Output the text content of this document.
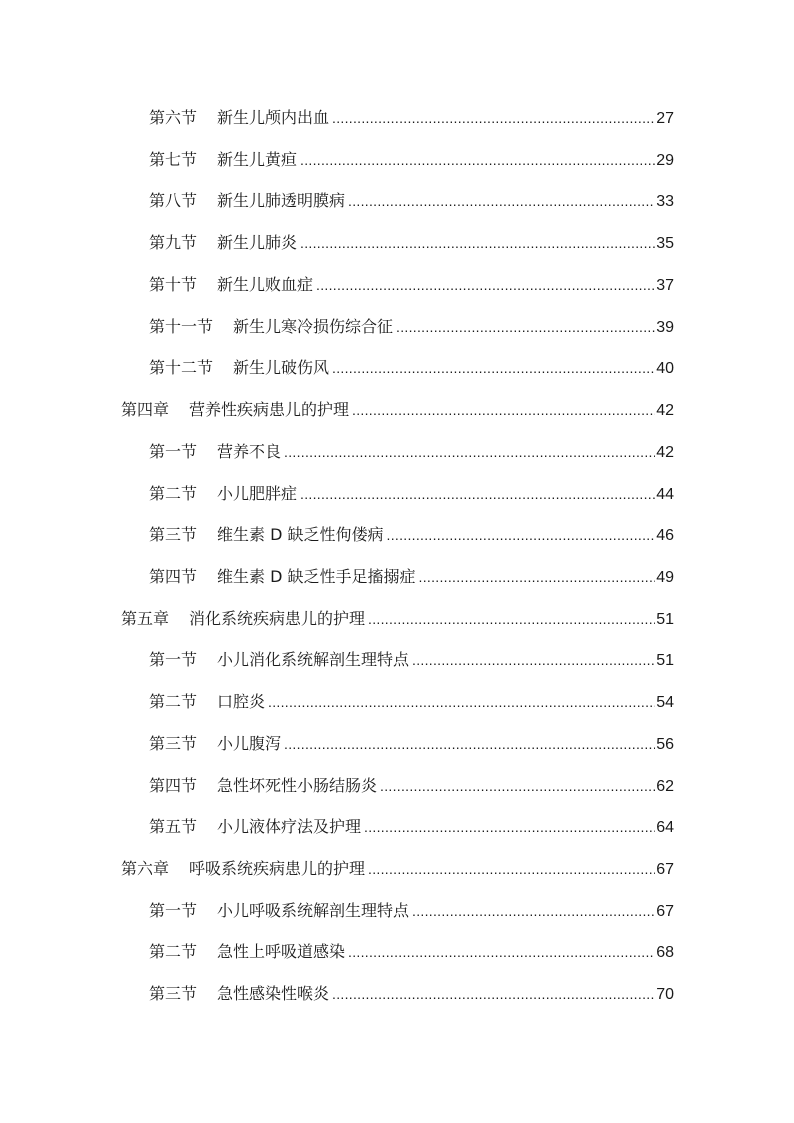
第六节 新生儿颅内出血 .....	27
第七节 新生儿黄疸 .....	29
第八节 新生儿肺透明膜病 .....	33
第九节 新生儿肺炎 .....	35
第十节 新生儿败血症 .....	37
第十一节 新生儿寒冷损伤综合征 .....	39
第十二节 新生儿破伤风 .....	40
第四章 营养性疾病患儿的护理 .....	42
第一节 营养不良 .....	42
第二节 小儿肥胖症 .....	44
第三节 维生素 D 缺乏性佝偻病 .....	46
第四节 维生素 D 缺乏性手足搐搦症 .....	49
第五章 消化系统疾病患儿的护理 .....	51
第一节 小儿消化系统解剖生理特点 .....	51
第二节 口腔炎 .....	54
第三节 小儿腹泻 .....	56
第四节 急性坏死性小肠结肠炎 .....	62
第五节 小儿液体疗法及护理 .....	64
第六章 呼吸系统疾病患儿的护理 .....	67
第一节 小儿呼吸系统解剖生理特点 .....	67
第二节 急性上呼吸道感染 .....	68
第三节 急性感染性喉炎 .....	70
